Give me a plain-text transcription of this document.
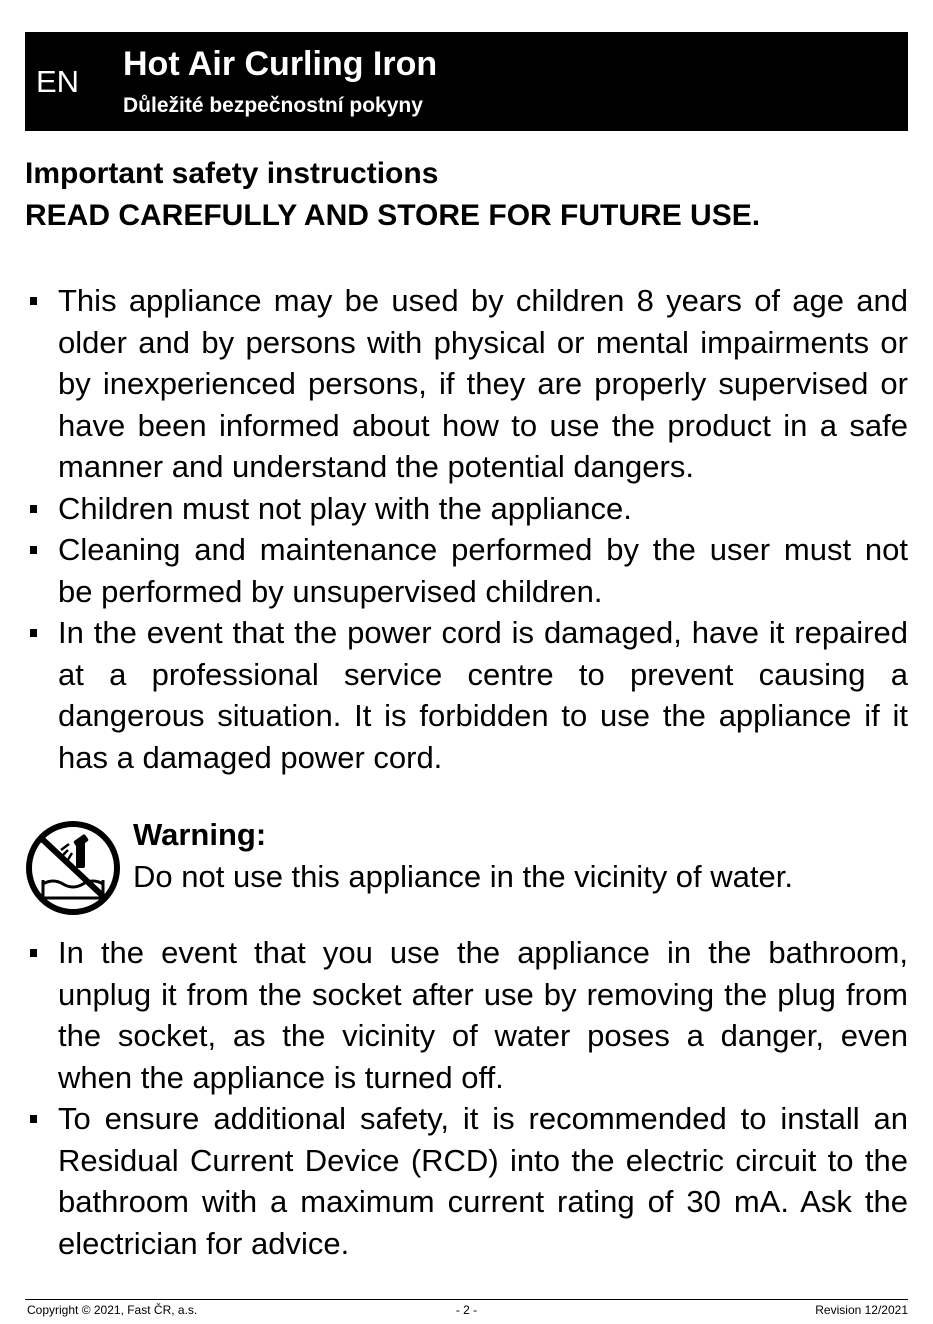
EN Hot Air Curling Iron
Důležité bezpečnostní pokyny
Important safety instructions
READ CAREFULLY AND STORE FOR FUTURE USE.
This appliance may be used by children 8 years of age and older and by persons with physical or mental impairments or by inexperienced persons, if they are properly supervised or have been informed about how to use the product in a safe manner and understand the potential dangers.
Children must not play with the appliance.
Cleaning and maintenance performed by the user must not be performed by unsupervised children.
In the event that the power cord is damaged, have it repaired at a professional service centre to prevent causing a dangerous situation. It is forbidden to use the appliance if it has a damaged power cord.
Warning:
Do not use this appliance in the vicinity of water.
In the event that you use the appliance in the bathroom, unplug it from the socket after use by removing the plug from the socket, as the vicinity of water poses a danger, even when the appliance is turned off.
To ensure additional safety, it is recommended to install an Residual Current Device (RCD) into the electric circuit to the bathroom with a maximum current rating of 30 mA. Ask the electrician for advice.
Copyright © 2021, Fast ČR, a.s.	- 2 -	Revision 12/2021
